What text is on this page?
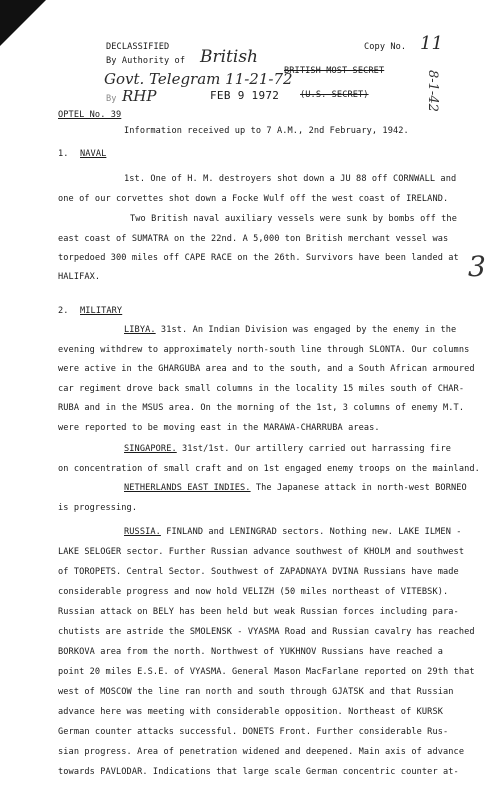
DECLASSIFIED
By Authority of British
Govt. Telegram 11-21-72
By RHP	FEB 9 1972
Copy No. 11
BRITISH MOST SECRET
(U.S. SECRET)	8-1-42
3
OPTEL No. 39
Information received up to 7 A.M., 2nd February, 1942.
1. NAVAL
1st. One of H. M. destroyers shot down a JU 88 off CORNWALL and
one of our corvettes shot down a Focke Wulf off the west coast of IRELAND.
Two British naval auxiliary vessels were sunk by bombs off the
east coast of SUMATRA on the 22nd. A 5,000 ton British merchant vessel was
torpedoed 300 miles off CAPE RACE on the 26th. Survivors have been landed at
HALIFAX.
2. MILITARY
LIBYA. 31st. An Indian Division was engaged by the enemy in the
evening withdrew to approximately north-south line through SLONTA. Our columns
were active in the GHARGUBA area and to the south, and a South African armoured
car regiment drove back small columns in the locality 15 miles south of CHAR-
RUBA and in the MSUS area. On the morning of the 1st, 3 columns of enemy M.T.
were reported to be moving east in the MARAWA-CHARRUBA areas.
SINGAPORE. 31st/1st. Our artillery carried out harrassing fire
on concentration of small craft and on 1st engaged enemy troops on the mainland.
NETHERLANDS EAST INDIES. The Japanese attack in north-west BORNEO
is progressing.
RUSSIA. FINLAND and LENINGRAD sectors. Nothing new. LAKE ILMEN -
LAKE SELOGER sector. Further Russian advance southwest of KHOLM and southwest
of TOROPETS. Central Sector. Southwest of ZAPADNAYA DVINA Russians have made
considerable progress and now hold VELIZH (50 miles northeast of VITEBSK).
Russian attack on BELY has been held but weak Russian forces including para-
chutists are astride the SMOLENSK - VYASMA Road and Russian cavalry has reached
BORKOVA area from the north. Northwest of YUKHNOV Russians have reached a
point 20 miles E.S.E. of VYASMA. General Mason MacFarlane reported on 29th that
west of MOSCOW the line ran north and south through GJATSK and that Russian
advance here was meeting with considerable opposition. Northeast of KURSK
German counter attacks successful. DONETS Front. Further considerable Rus-
sian progress. Area of penetration widened and deepened. Main axis of advance
towards PAVLODAR. Indications that large scale German concentric counter at-
